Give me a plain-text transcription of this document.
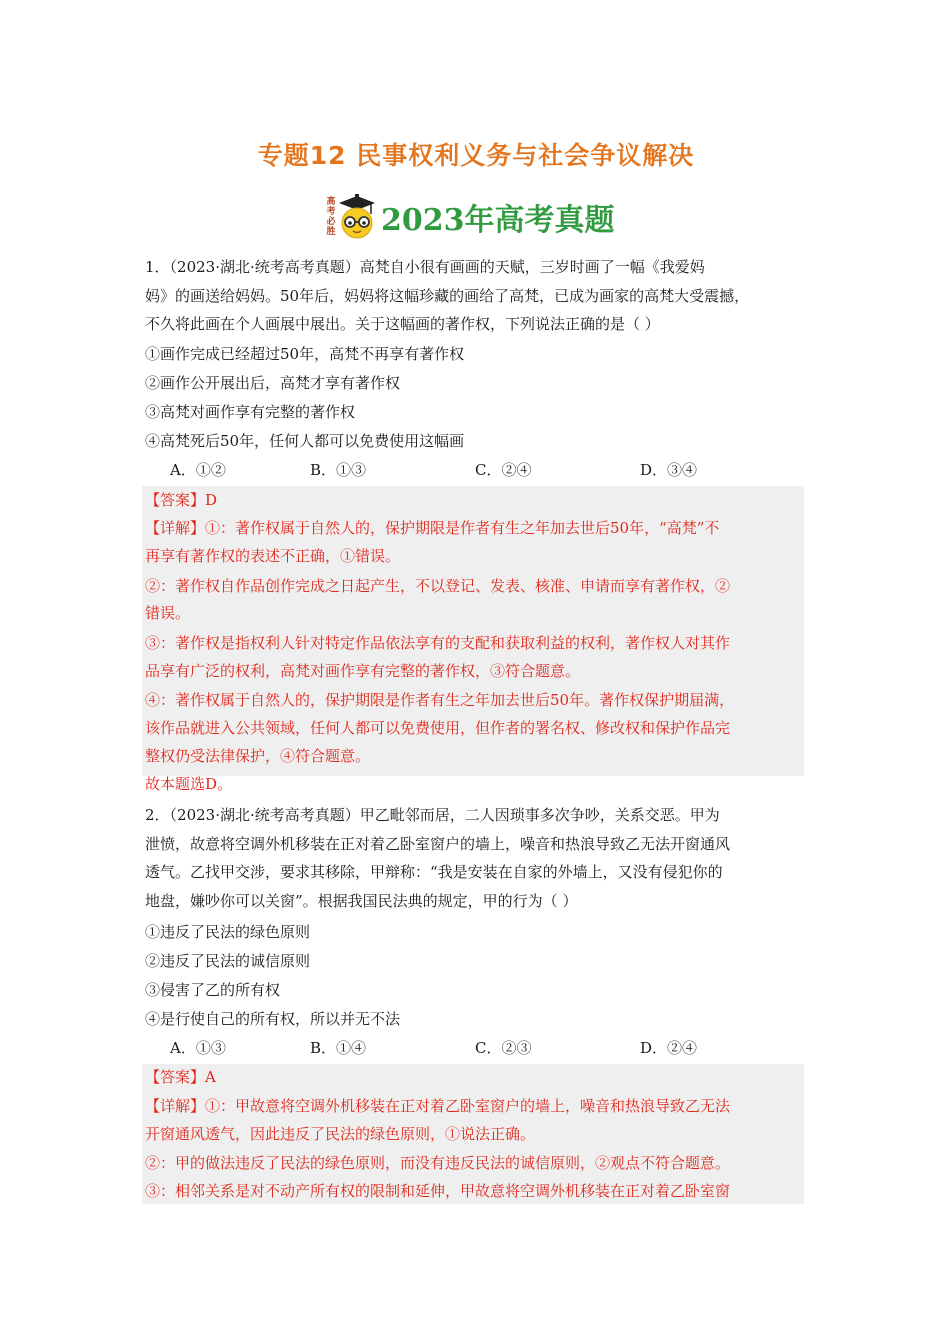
专题12 民事权利义务与社会争议解决
高考必胜 2023年高考真题
1．（2023·湖北·统考高考真题）高梵自小很有画画的天赋，三岁时画了一幅《我爱妈
妈》的画送给妈妈。50年后，妈妈将这幅珍藏的画给了高梵，已成为画家的高梵大受震撼，
不久将此画在个人画展中展出。关于这幅画的著作权，下列说法正确的是（ ）
①画作完成已经超过50年，高梵不再享有著作权
②画作公开展出后，高梵才享有著作权
③高梵对画作享有完整的著作权
④高梵死后50年，任何人都可以免费使用这幅画
A．①②	B．①③	C．②④	D．③④
【答案】D
【详解】①：著作权属于自然人的，保护期限是作者有生之年加去世后50年，“高梵”不
再享有著作权的表述不正确，①错误。
②：著作权自作品创作完成之日起产生，不以登记、发表、核准、申请而享有著作权，②
错误。
③：著作权是指权利人针对特定作品依法享有的支配和获取利益的权利，著作权人对其作
品享有广泛的权利，高梵对画作享有完整的著作权，③符合题意。
④：著作权属于自然人的，保护期限是作者有生之年加去世后50年。著作权保护期届满，
该作品就进入公共领域，任何人都可以免费使用，但作者的署名权、修改权和保护作品完
整权仍受法律保护，④符合题意。
故本题选D。
2．（2023·湖北·统考高考真题）甲乙毗邻而居，二人因琐事多次争吵，关系交恶。甲为
泄愤，故意将空调外机移装在正对着乙卧室窗户的墙上，噪音和热浪导致乙无法开窗通风
透气。乙找甲交涉，要求其移除，甲辩称：“我是安装在自家的外墙上，又没有侵犯你的
地盘，嫌吵你可以关窗”。根据我国民法典的规定，甲的行为（ ）
①违反了民法的绿色原则
②违反了民法的诚信原则
③侵害了乙的所有权
④是行使自己的所有权，所以并无不法
A．①③	B．①④	C．②③	D．②④
【答案】A
【详解】①：甲故意将空调外机移装在正对着乙卧室窗户的墙上，噪音和热浪导致乙无法
开窗通风透气，因此违反了民法的绿色原则，①说法正确。
②：甲的做法违反了民法的绿色原则，而没有违反民法的诚信原则，②观点不符合题意。
③：相邻关系是对不动产所有权的限制和延伸，甲故意将空调外机移装在正对着乙卧室窗
